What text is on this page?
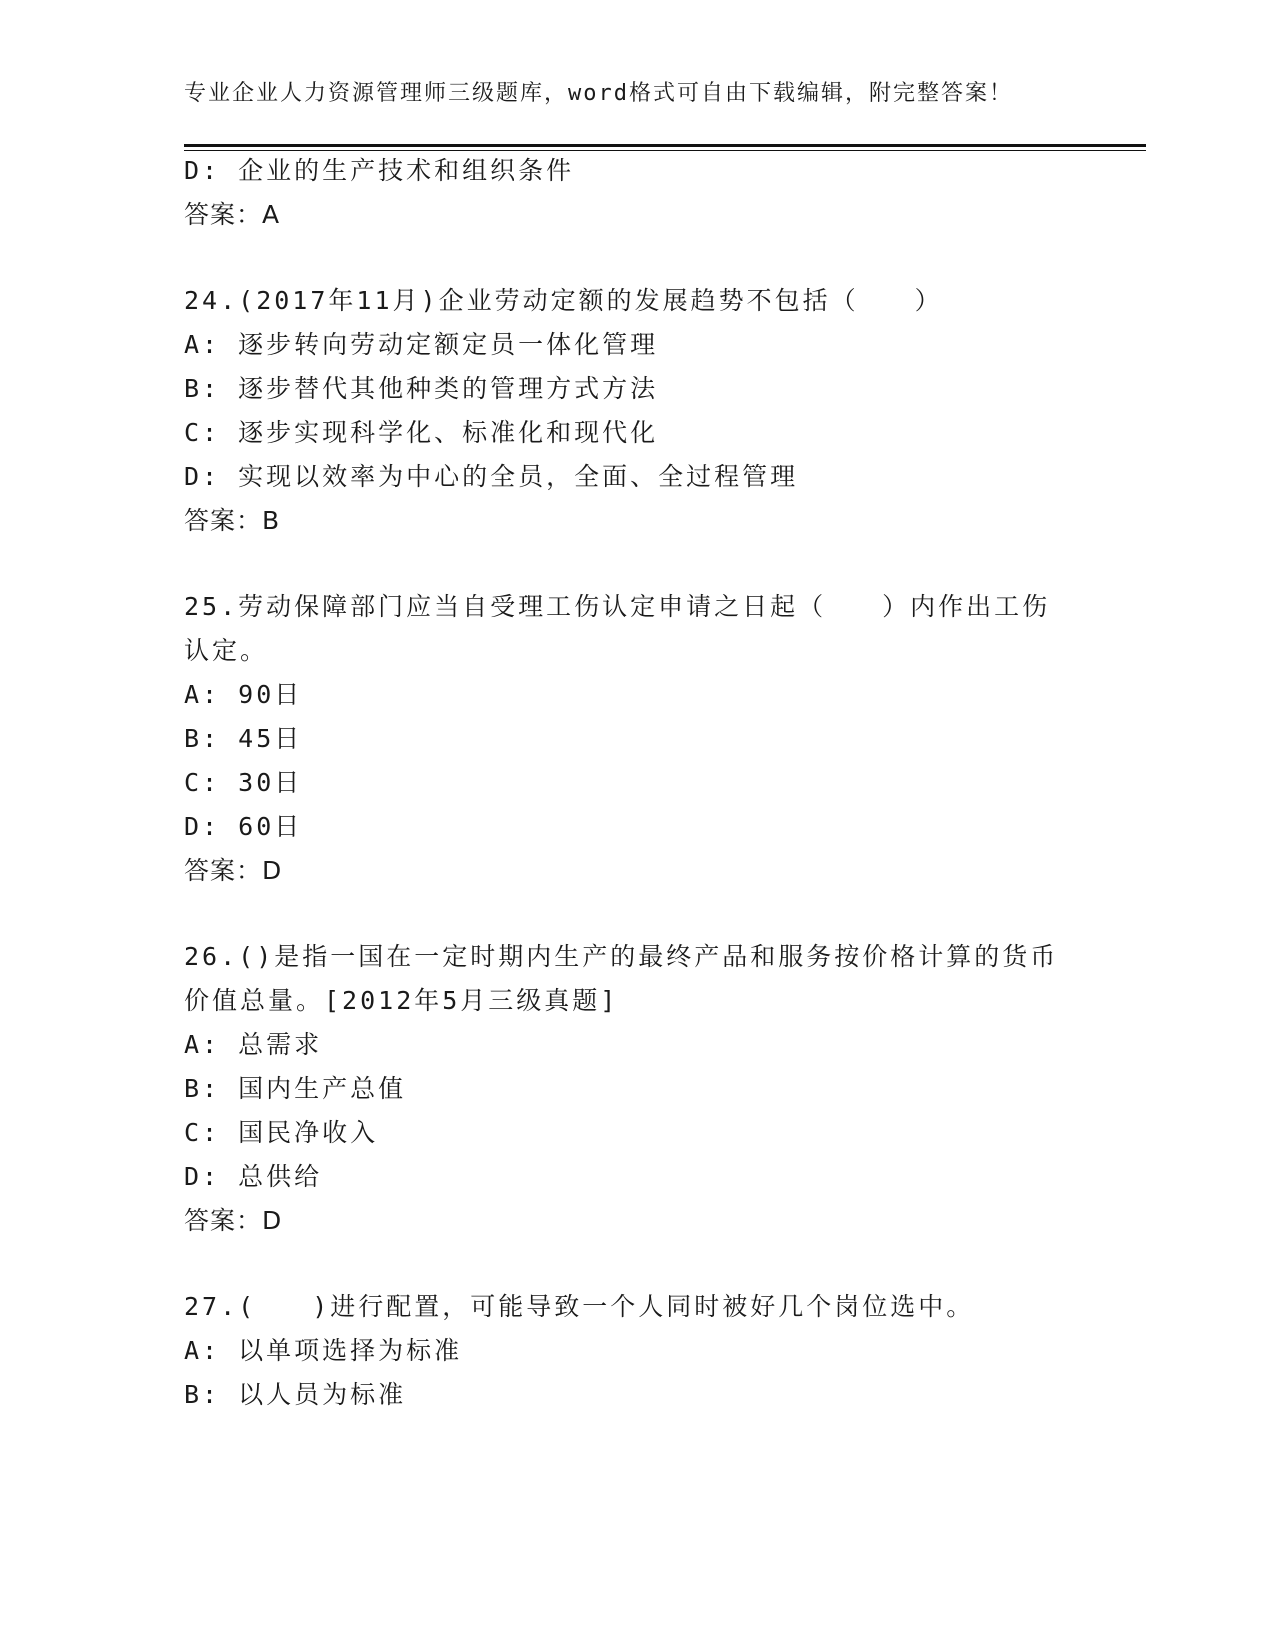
专业企业人力资源管理师三级题库，word格式可自由下载编辑，附完整答案！
D: 企业的生产技术和组织条件
答案：A
24.(2017年11月)企业劳动定额的发展趋势不包括（　　）
A: 逐步转向劳动定额定员一体化管理
B: 逐步替代其他种类的管理方式方法
C: 逐步实现科学化、标准化和现代化
D: 实现以效率为中心的全员，全面、全过程管理
答案：B
25.劳动保障部门应当自受理工伤认定申请之日起（　　）内作出工伤
认定。
A: 90日
B: 45日
C: 30日
D: 60日
答案：D
26.()是指一国在一定时期内生产的最终产品和服务按价格计算的货币
价值总量。[2012年5月三级真题]
A: 总需求
B: 国内生产总值
C: 国民净收入
D: 总供给
答案：D
27.(　　)进行配置，可能导致一个人同时被好几个岗位选中。
A: 以单项选择为标准
B: 以人员为标准
